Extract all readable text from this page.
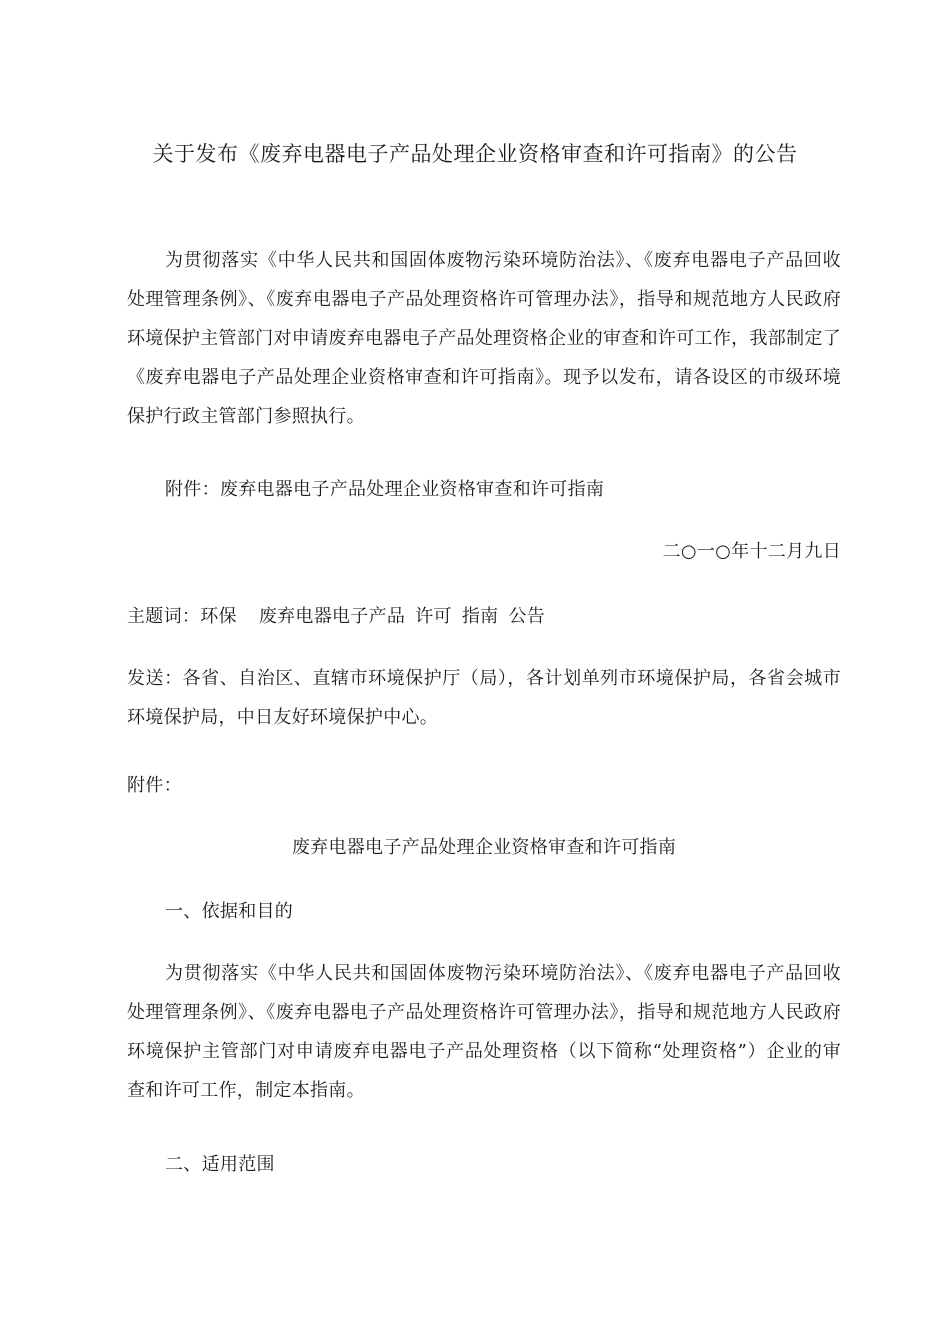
关于发布《废弃电器电子产品处理企业资格审查和许可指南》的公告
为贯彻落实《中华人民共和国固体废物污染环境防治法》、《废弃电器电子产品回收处理管理条例》、《废弃电器电子产品处理资格许可管理办法》，指导和规范地方人民政府环境保护主管部门对申请废弃电器电子产品处理资格企业的审查和许可工作，我部制定了《废弃电器电子产品处理企业资格审查和许可指南》。现予以发布，请各设区的市级环境保护行政主管部门参照执行。
附件：废弃电器电子产品处理企业资格审查和许可指南
二○一○年十二月九日
主题词：环保 废弃电器电子产品 许可 指南 公告
发送：各省、自治区、直辖市环境保护厅（局），各计划单列市环境保护局，各省会城市环境保护局，中日友好环境保护中心。
附件：
废弃电器电子产品处理企业资格审查和许可指南
一、依据和目的
为贯彻落实《中华人民共和国固体废物污染环境防治法》、《废弃电器电子产品回收处理管理条例》、《废弃电器电子产品处理资格许可管理办法》，指导和规范地方人民政府环境保护主管部门对申请废弃电器电子产品处理资格（以下简称“处理资格”）企业的审查和许可工作，制定本指南。
二、适用范围
